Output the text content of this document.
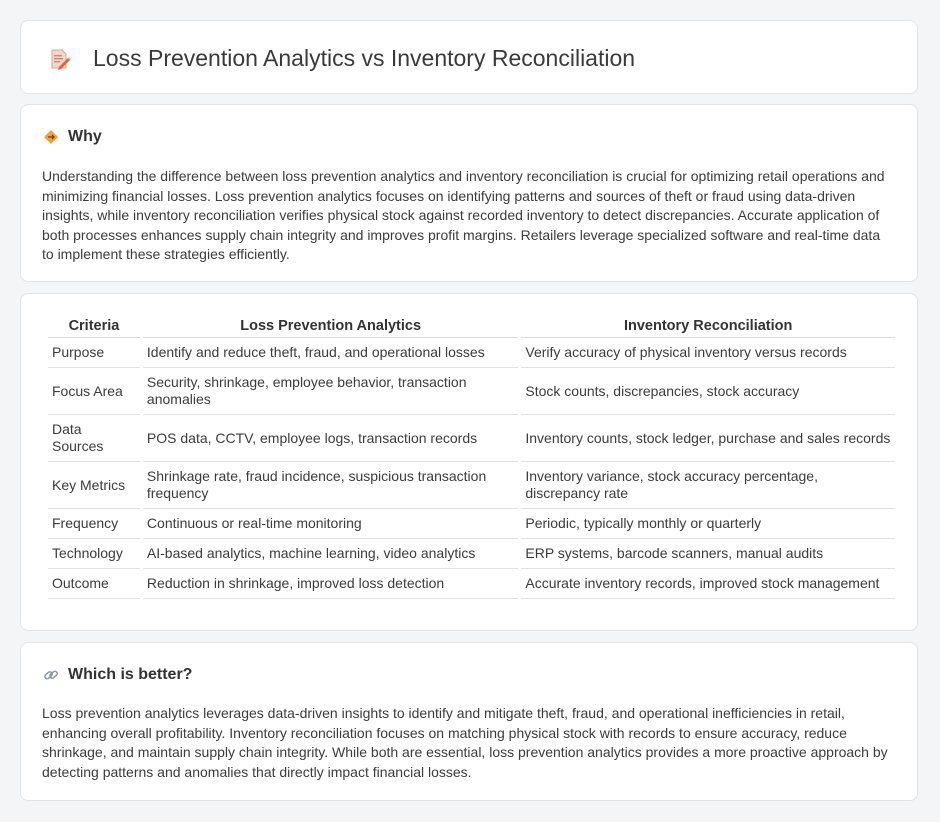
Loss Prevention Analytics vs Inventory Reconciliation
Why

Understanding the difference between loss prevention analytics and inventory reconciliation is crucial for optimizing retail operations and minimizing financial losses. Loss prevention analytics focuses on identifying patterns and sources of theft or fraud using data-driven insights, while inventory reconciliation verifies physical stock against recorded inventory to detect discrepancies. Accurate application of both processes enhances supply chain integrity and improves profit margins. Retailers leverage specialized software and real-time data to implement these strategies efficiently.

Criteria	Loss Prevention Analytics	Inventory Reconciliation
Purpose	Identify and reduce theft, fraud, and operational losses	Verify accuracy of physical inventory versus records
Focus Area	Security, shrinkage, employee behavior, transaction anomalies	Stock counts, discrepancies, stock accuracy
Data Sources	POS data, CCTV, employee logs, transaction records	Inventory counts, stock ledger, purchase and sales records
Key Metrics	Shrinkage rate, fraud incidence, suspicious transaction frequency	Inventory variance, stock accuracy percentage, discrepancy rate
Frequency	Continuous or real-time monitoring	Periodic, typically monthly or quarterly
Technology	AI-based analytics, machine learning, video analytics	ERP systems, barcode scanners, manual audits
Outcome	Reduction in shrinkage, improved loss detection	Accurate inventory records, improved stock management
Which is better?

Loss prevention analytics leverages data-driven insights to identify and mitigate theft, fraud, and operational inefficiencies in retail, enhancing overall profitability. Inventory reconciliation focuses on matching physical stock with records to ensure accuracy, reduce shrinkage, and maintain supply chain integrity. While both are essential, loss prevention analytics provides a more proactive approach by detecting patterns and anomalies that directly impact financial losses.
